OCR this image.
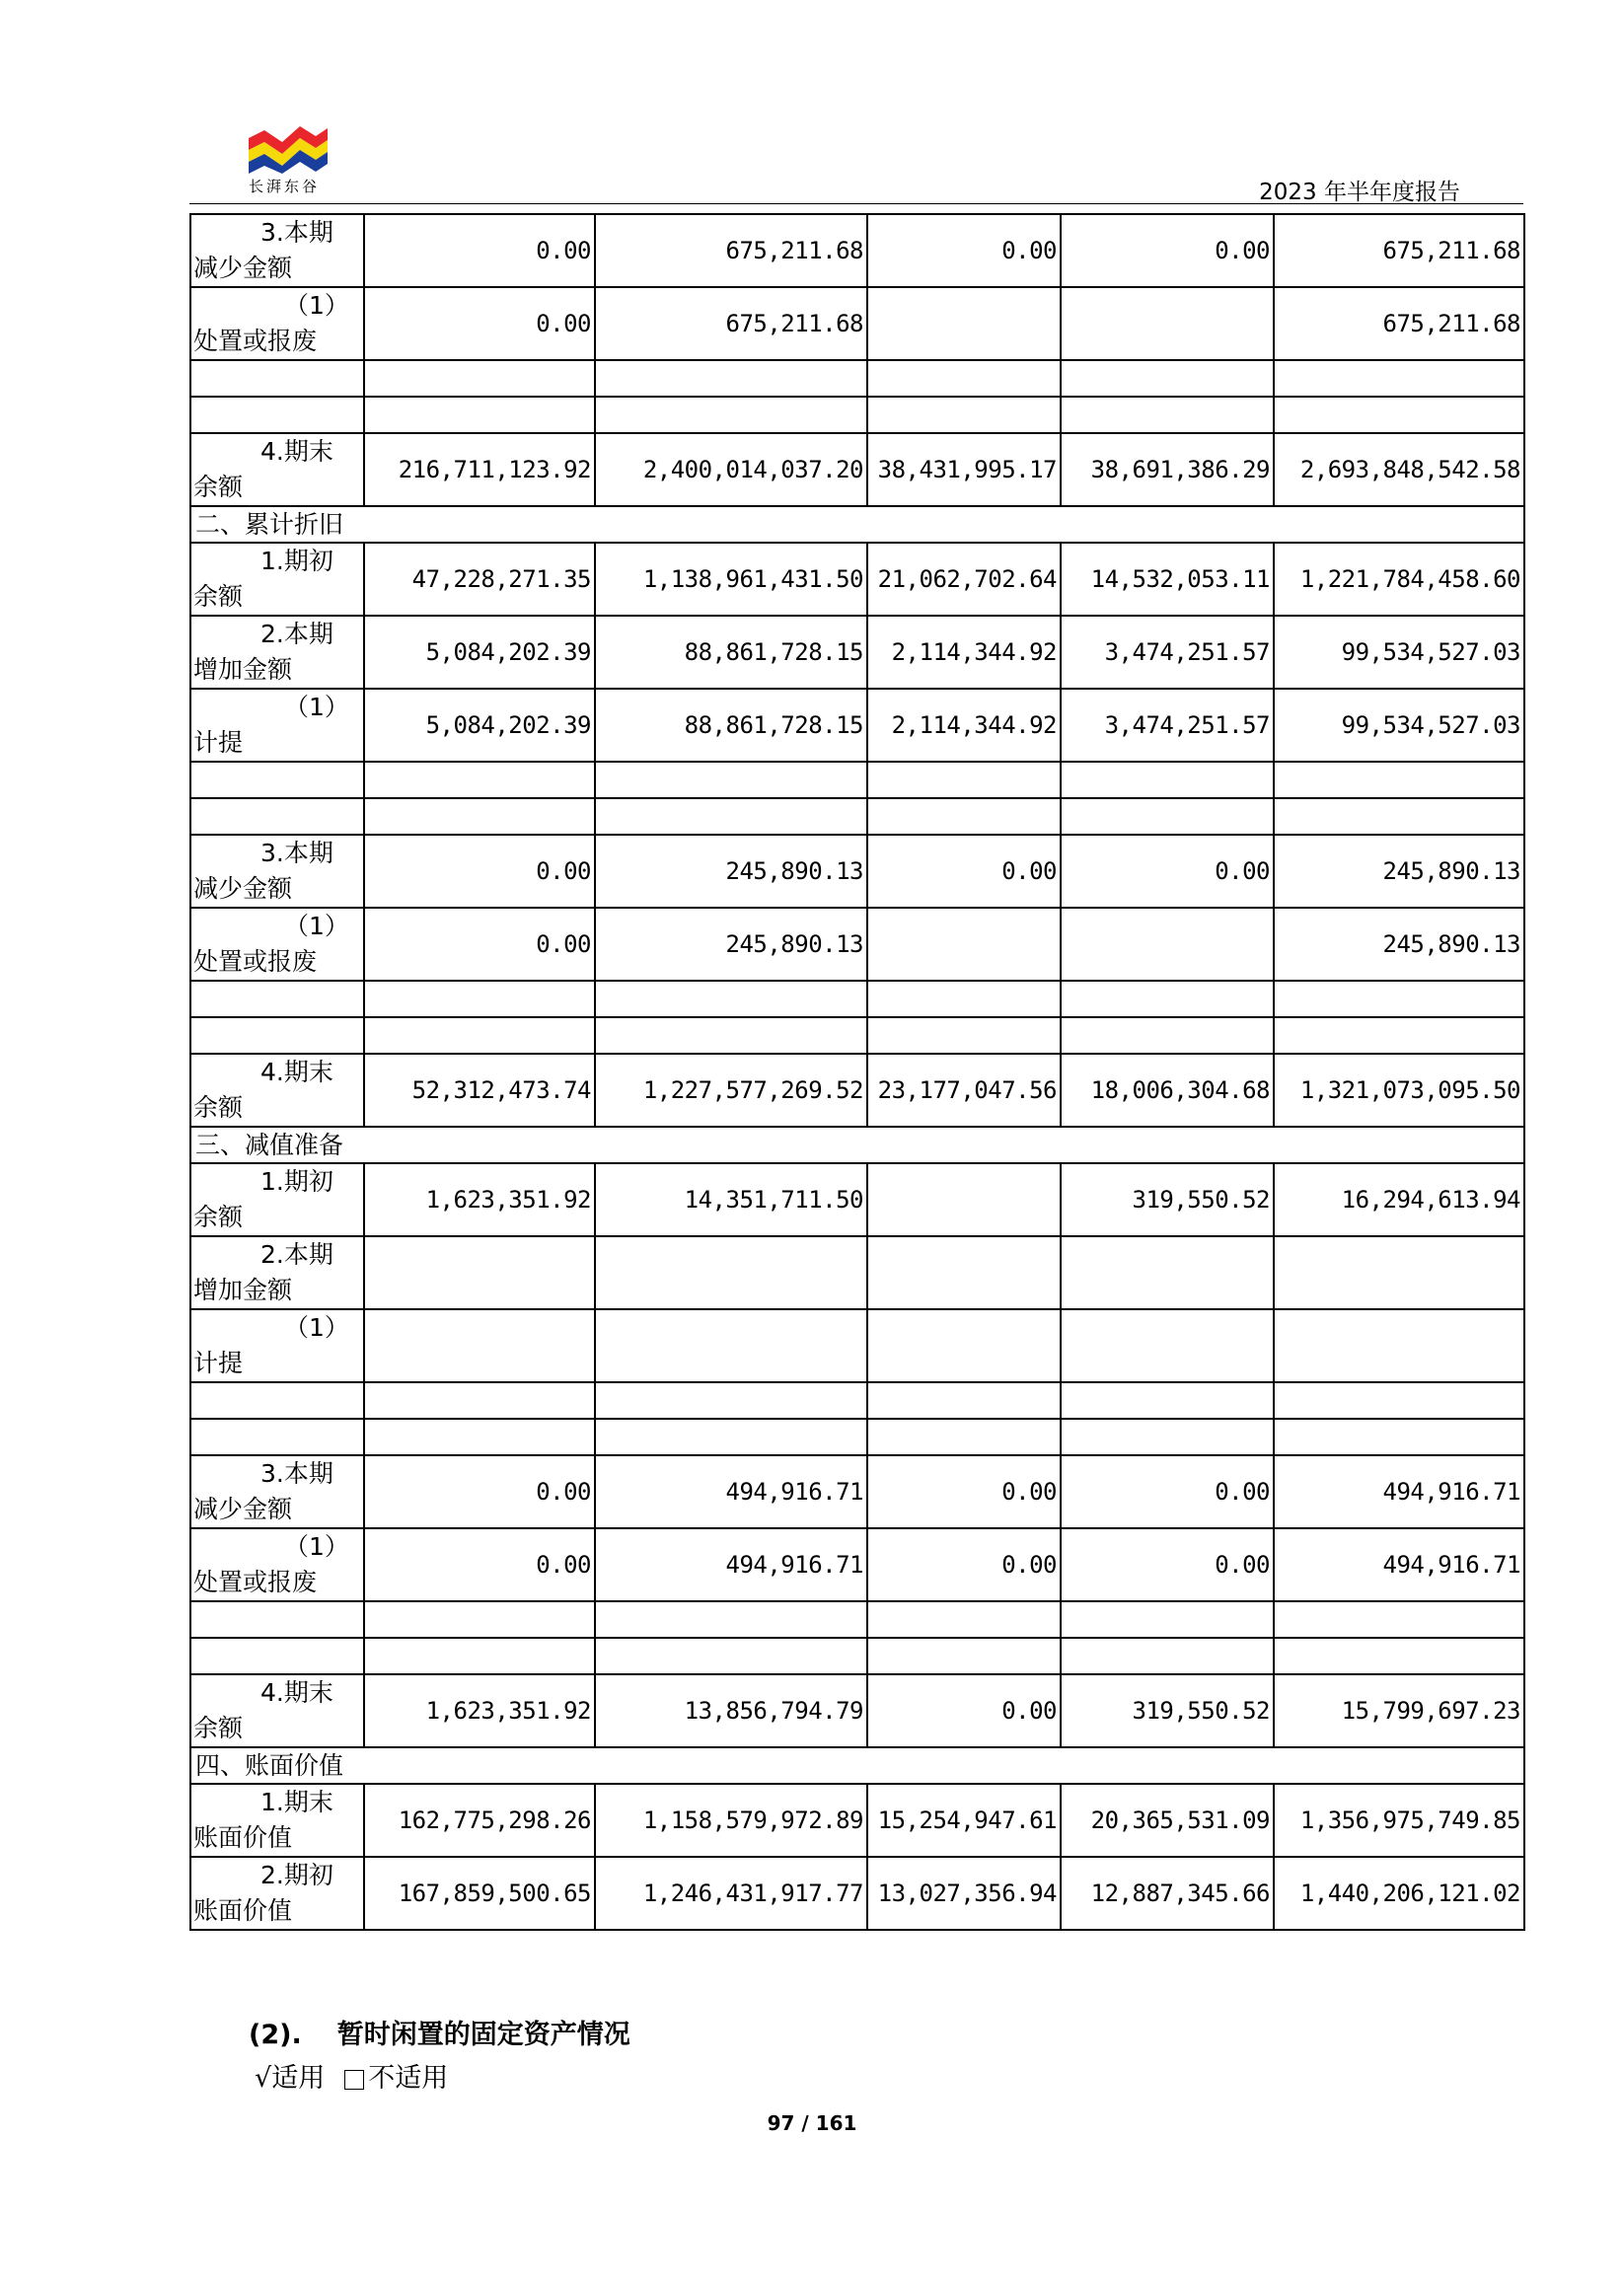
长湃东谷	2023 年半年度报告
3.本期
减少金额	0.00	675,211.68	0.00	0.00	675,211.68

（1）
处置或报废	0.00	675,211.68			675,211.68

4.期末
余额	216,711,123.92	2,400,014,037.20	38,431,995.17	38,691,386.29	2,693,848,542.58
二、累计折旧					

1.期初
余额	47,228,271.35	1,138,961,431.50	21,062,702.64	14,532,053.11	1,221,784,458.60

2.本期
增加金额	5,084,202.39	88,861,728.15	2,114,344.92	3,474,251.57	99,534,527.03

（1）
计提	5,084,202.39	88,861,728.15	2,114,344.92	3,474,251.57	99,534,527.03

3.本期
减少金额	0.00	245,890.13	0.00	0.00	245,890.13

（1）
处置或报废	0.00	245,890.13			245,890.13

4.期末
余额	52,312,473.74	1,227,577,269.52	23,177,047.56	18,006,304.68	1,321,073,095.50
三、减值准备					

1.期初
余额	1,623,351.92	14,351,711.50		319,550.52	16,294,613.94

2.本期
增加金额					

（1）
计提					

3.本期
减少金额	0.00	494,916.71	0.00	0.00	494,916.71

（1）
处置或报废	0.00	494,916.71	0.00	0.00	494,916.71

4.期末
余额	1,623,351.92	13,856,794.79	0.00	319,550.52	15,799,697.23
四、账面价值					

1.期末
账面价值	162,775,298.26	1,158,579,972.89	15,254,947.61	20,365,531.09	1,356,975,749.85

2.期初
账面价值	167,859,500.65	1,246,431,917.77	13,027,356.94	12,887,345.66	1,440,206,121.02
(2). 暂时闲置的固定资产情况
√适用 不适用
97 / 161
